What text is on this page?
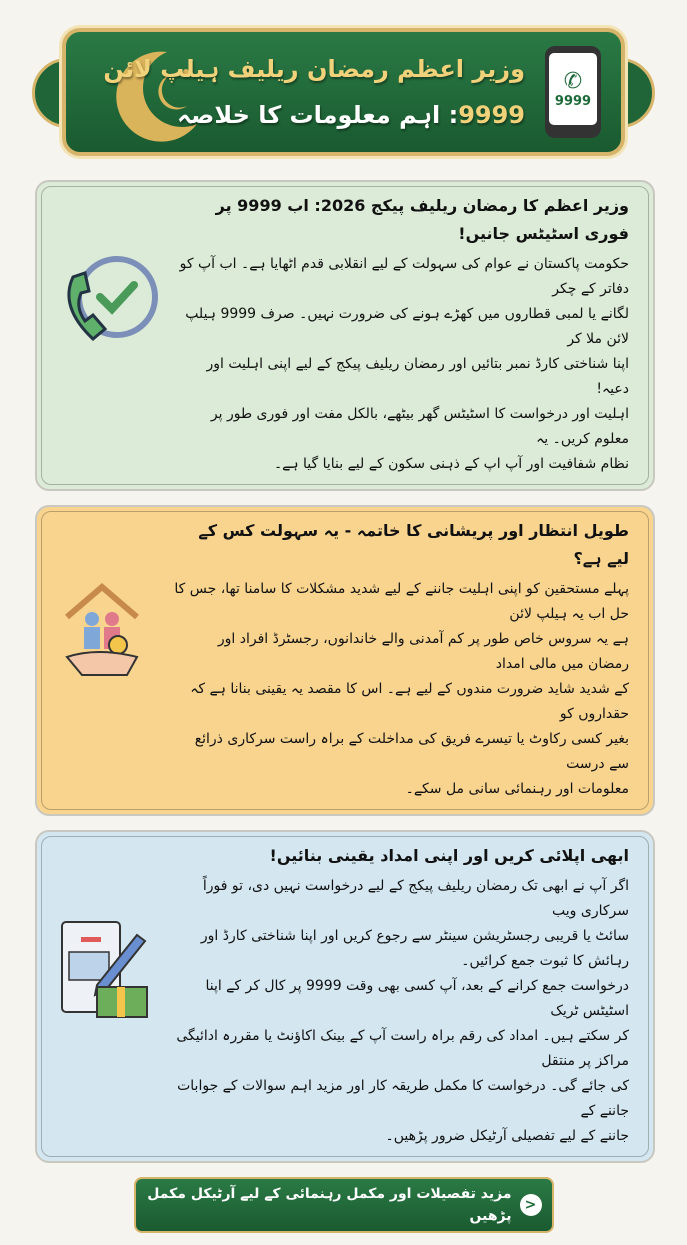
وزیر اعظم رمضان ریلیف ہیلپ لائن
9999: اہم معلومات کا خلاصہ
✆
9999
وزیر اعظم کا رمضان ریلیف پیکج 2026: اب 9999 پر فوری اسٹیٹس جانیں!
حکومت پاکستان نے عوام کی سہولت کے لیے انقلابی قدم اٹھایا ہے۔ اب آپ کو دفاتر کے چکر
لگانے یا لمبی قطاروں میں کھڑے ہونے کی ضرورت نہیں۔ صرف 9999 ہیلپ لائن ملا کر
اپنا شناختی کارڈ نمبر بتائیں اور رمضان ریلیف پیکج کے لیے اپنی اہلیت اور دعیہ!
اہلیت اور درخواست کا اسٹیٹس گھر بیٹھے، بالکل مفت اور فوری طور پر معلوم کریں۔ یہ
نظام شفافیت اور آپ اپ کے ذہنی سکون کے لیے بنایا گیا ہے۔
طویل انتظار اور پریشانی کا خاتمہ - یہ سہولت کس کے لیے ہے؟
پہلے مستحقین کو اپنی اہلیت جاننے کے لیے شدید مشکلات کا سامنا تھا، جس کا حل اب یہ ہیلپ لائن
ہے یہ سروس خاص طور پر کم آمدنی والے خاندانوں، رجسٹرڈ افراد اور رمضان میں مالی امداد
کے شدید شاید ضرورت مندوں کے لیے ہے۔ اس کا مقصد یہ یقینی بنانا ہے کہ حقداروں کو
بغیر کسی رکاوٹ یا تیسرے فریق کی مداخلت کے براہ راست سرکاری ذرائع سے درست
معلومات اور رہنمائی سانی مل سکے۔
ابھی اپلائی کریں اور اپنی امداد یقینی بنائیں!
اگر آپ نے ابھی تک رمضان ریلیف پیکج کے لیے درخواست نہیں دی، تو فوراً سرکاری ویب
سائٹ یا قریبی رجسٹریشن سینٹر سے رجوع کریں اور اپنا شناختی کارڈ اور رہائش کا ثبوت جمع کرائیں۔
درخواست جمع کرانے کے بعد، آپ کسی بھی وقت 9999 پر کال کر کے اپنا اسٹیٹس ٹریک
کر سکتے ہیں۔ امداد کی رقم براہ راست آپ کے بینک اکاؤنٹ یا مقررہ ادائیگی مراکز پر منتقل
کی جائے گی۔ درخواست کا مکمل طریقہ کار اور مزید اہم سوالات کے جوابات جاننے کے
جاننے کے لیے تفصیلی آرٹیکل ضرور پڑھیں۔
<
مزید تفصیلات اور مکمل رہنمائی کے لیے آرٹیکل مکمل پڑھیں
